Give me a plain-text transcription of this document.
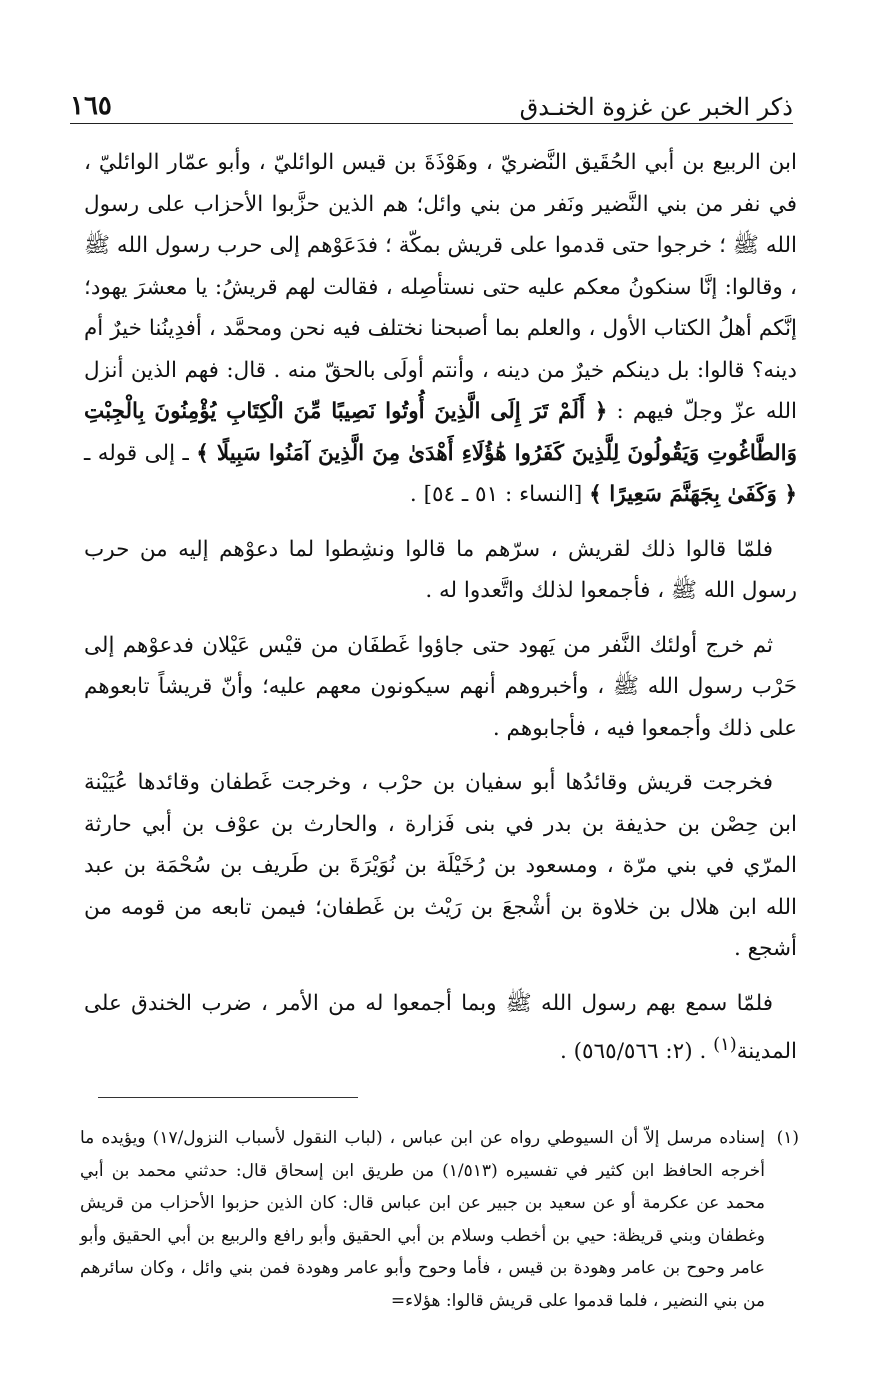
ذكر الخبر عن غزوة الخنـدق
١٦٥

ابن الربيع بن أبي الحُقَيق النَّضريّ ، وهَوْذَةَ بن قيس الوائليّ ، وأبو عمّار الوائليّ ، في نفر من بني النَّضير ونَفر من بني وائل؛ هم الذين حزَّبوا الأحزاب على رسول الله ﷺ ؛ خرجوا حتى قدموا على قريش بمكّة ؛ فدَعَوْهم إلى حرب رسول الله ﷺ ، وقالوا: إنَّا سنكونُ معكم عليه حتى نستأصِله ، فقالت لهم قريشُ: يا معشرَ يهود؛ إنَّكم أهلُ الكتاب الأول ، والعلم بما أصبحنا نختلف فيه نحن ومحمَّد ، أفدِينُنا خيرٌ أم دينه؟ قالوا: بل دينكم خيرٌ من دينه ، وأنتم أولَى بالحقّ منه . قال: فهم الذين أنزل الله عزّ وجلّ فيهم : ﴿ أَلَمْ تَرَ إِلَى الَّذِينَ أُوتُوا نَصِيبًا مِّنَ الْكِتَابِ يُؤْمِنُونَ بِالْجِبْتِ وَالطَّاغُوتِ وَيَقُولُونَ لِلَّذِينَ كَفَرُوا هَٰؤُلَاءِ أَهْدَىٰ مِنَ الَّذِينَ آمَنُوا سَبِيلًا ﴾ ـ إلى قوله ـ ﴿ وَكَفَىٰ بِجَهَنَّمَ سَعِيرًا ﴾ [النساء : ٥١ ـ ٥٤] .

فلمّا قالوا ذلك لقريش ، سرّهم ما قالوا ونشِطوا لما دعوْهم إليه من حرب رسول الله ﷺ ، فأجمعوا لذلك واتَّعدوا له .

ثم خرج أولئك النَّفر من يَهود حتى جاؤوا غَطفَان من قيْس عَيْلان فدعوْهم إلى حَرْب رسول الله ﷺ ، وأخبروهم أنهم سيكونون معهم عليه؛ وأنّ قريشاً تابعوهم على ذلك وأجمعوا فيه ، فأجابوهم .

فخرجت قريش وقائدُها أبو سفيان بن حرْب ، وخرجت غَطفان وقائدها عُيَيْنة ابن حِصْن بن حذيفة بن بدر في بنى فَزارة ، والحارث بن عوْف بن أبي حارثة المرّي في بني مرّة ، ومسعود بن رُخَيْلَة بن نُوَيْرَةَ بن طَريف بن سُحْمَة بن عبد الله ابن هلال بن خلاوة بن أشْجعَ بن رَيْث بن غَطفان؛ فيمن تابعه من قومه من أشجع .

فلمّا سمع بهم رسول الله ﷺ وبما أجمعوا له من الأمر ، ضرب الخندق على المدينة$^{(١)}$ . (٢: ٥٦٥/٥٦٦) .

(١)
إسناده مرسل إلاّ أن السيوطي رواه عن ابن عباس ، (لباب النقول لأسباب النزول/١٧) ويؤيده ما أخرجه الحافظ ابن كثير في تفسيره (١/٥١٣) من طريق ابن إسحاق قال: حدثني محمد بن أبي محمد عن عكرمة أو عن سعيد بن جبير عن ابن عباس قال: كان الذين حزبوا الأحزاب من قريش وغطفان وبني قريظة: حيي بن أخطب وسلام بن أبي الحقيق وأبو رافع والربيع بن أبي الحقيق وأبو عامر وحوح بن عامر وهودة بن قيس ، فأما وحوح وأبو عامر وهودة فمن بني وائل ، وكان سائرهم من بني النضير ، فلما قدموا على قريش قالوا: هؤلاء=
